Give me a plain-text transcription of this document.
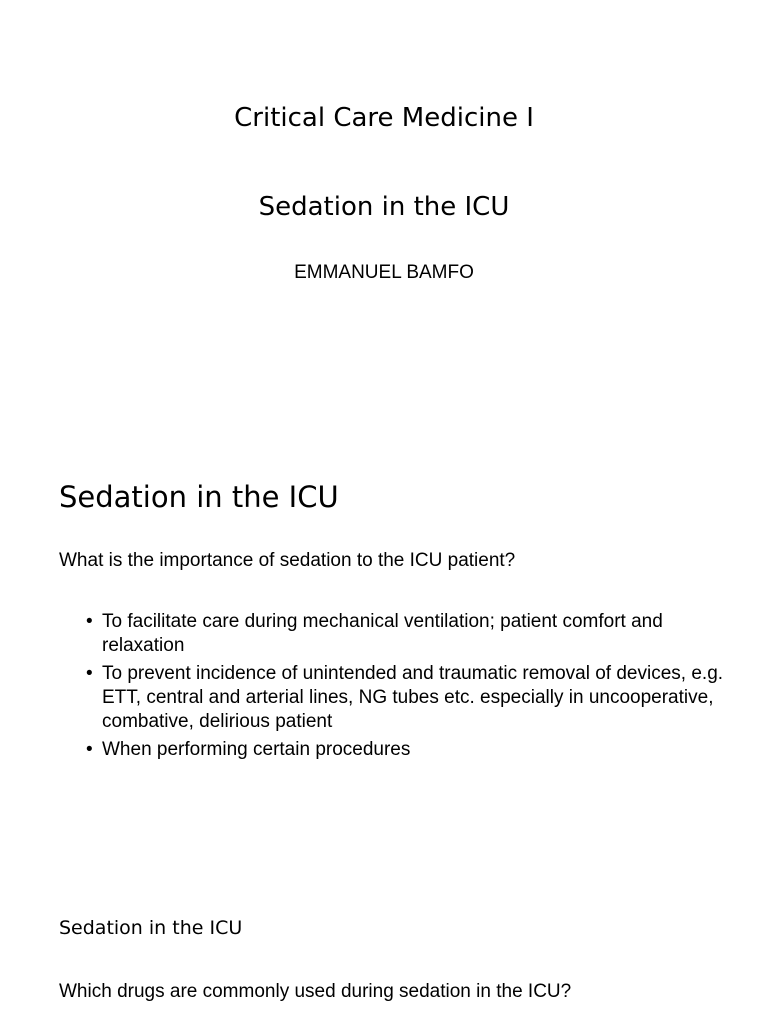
Critical Care Medicine I
Sedation in the ICU

EMMANUEL BAMFO

Sedation in the ICU

What is the importance of sedation to the ICU patient?

• To facilitate care during mechanical ventilation; patient comfort and relaxation
• To prevent incidence of unintended and traumatic removal of devices, e.g. ETT, central and arterial lines, NG tubes etc. especially in uncooperative, combative, delirious patient
• When performing certain procedures
Sedation in the ICU

Which drugs are commonly used during sedation in the ICU?
